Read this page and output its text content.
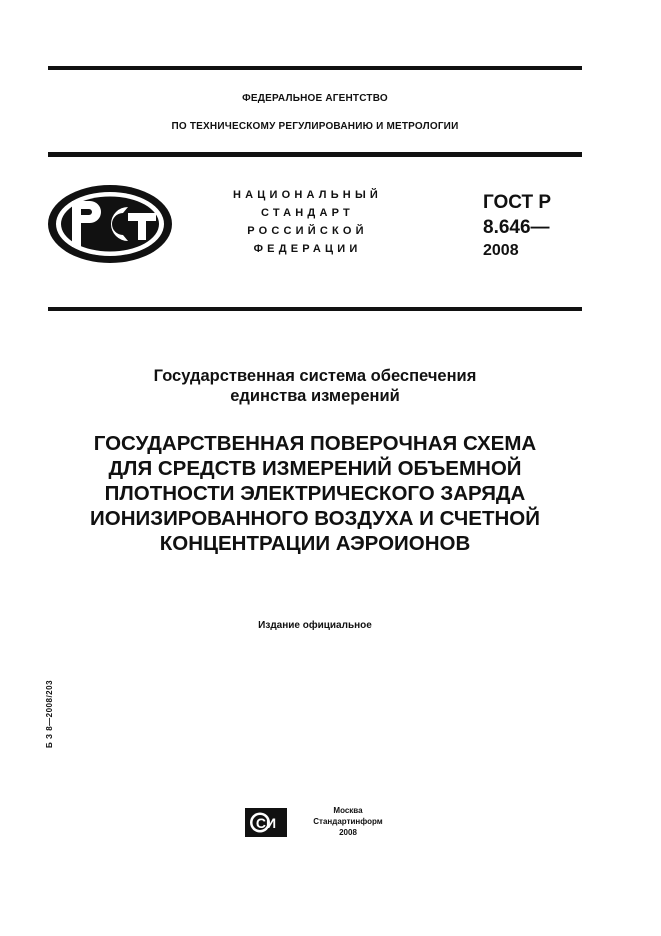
ФЕДЕРАЛЬНОЕ АГЕНТСТВО
ПО ТЕХНИЧЕСКОМУ РЕГУЛИРОВАНИЮ И МЕТРОЛОГИИ
НАЦИОНАЛЬНЫЙ
СТАНДАРТ
РОССИЙСКОЙ
ФЕДЕРАЦИИ
ГОСТ Р
8.646—
2008
Государственная система обеспечения
единства измерений
ГОСУДАРСТВЕННАЯ ПОВЕРОЧНАЯ СХЕМА
ДЛЯ СРЕДСТВ ИЗМЕРЕНИЙ ОБЪЕМНОЙ
ПЛОТНОСТИ ЭЛЕКТРИЧЕСКОГО ЗАРЯДА
ИОНИЗИРОВАННОГО ВОЗДУХА И СЧЕТНОЙ
КОНЦЕНТРАЦИИ АЭРОИОНОВ
Издание официальное
Б З 8—2008/203
СИ
Москва
Стандартинформ
2008
